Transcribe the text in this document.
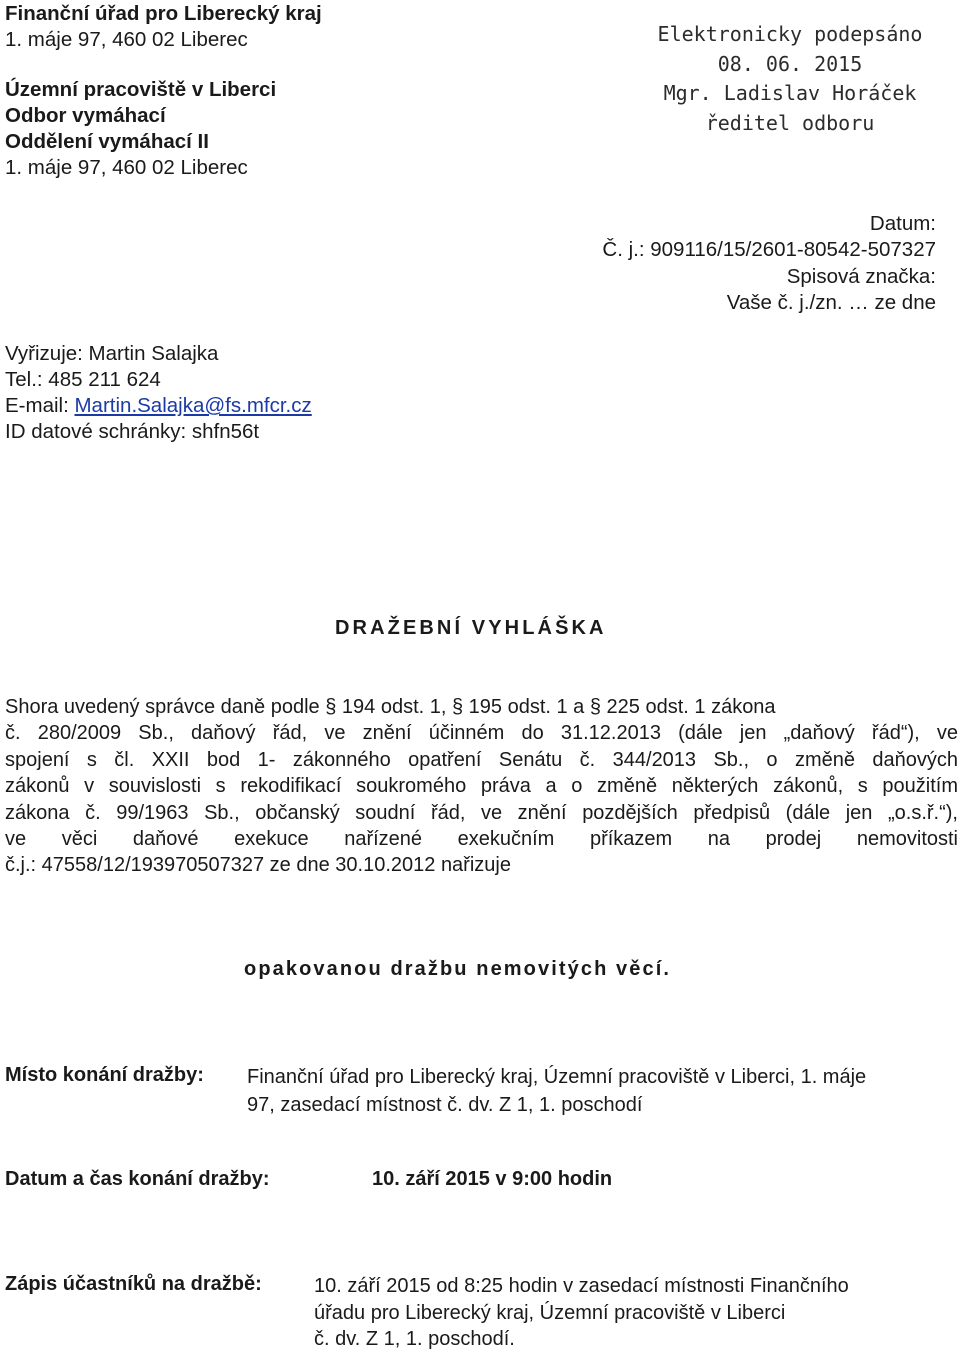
Finanční úřad pro Liberecký kraj
1. máje 97, 460 02 Liberec
Územní pracoviště v Liberci
Odbor vymáhací
Oddělení vymáhací II
1. máje 97, 460 02 Liberec
Elektronicky podepsáno
08. 06. 2015
Mgr. Ladislav Horáček
ředitel odboru
Datum:
Č. j.: 909116/15/2601-80542-507327
Spisová značka:
Vaše č. j./zn. … ze dne
Vyřizuje: Martin Salajka
Tel.: 485 211 624
E-mail: Martin.Salajka@fs.mfcr.cz
ID datové schránky: shfn56t
DRAŽEBNÍ VYHLÁŠKA
Shora uvedený správce daně podle § 194 odst. 1, § 195 odst. 1 a § 225 odst. 1 zákona
č. 280/2009 Sb., daňový řád, ve znění účinném do 31.12.2013 (dále jen „daňový řád“), ve
spojení s čl. XXII bod 1- zákonného opatření Senátu č. 344/2013 Sb., o změně daňových
zákonů v souvislosti s rekodifikací soukromého práva a o změně některých zákonů, s použitím
zákona č. 99/1963 Sb., občanský soudní řád, ve znění pozdějších předpisů (dále jen „o.s.ř.“),
ve věci daňové exekuce nařízené exekučním příkazem na prodej nemovitosti
č.j.: 47558/12/193970507327 ze dne 30.10.2012 nařizuje
opakovanou dražbu nemovitých věcí.
Místo konání dražby: Finanční úřad pro Liberecký kraj, Územní pracoviště v Liberci, 1. máje
97, zasedací místnost č. dv. Z 1, 1. poschodí
Datum a čas konání dražby:	10. září 2015 v 9:00 hodin
Zápis účastníků na dražbě:	10. září 2015 od 8:25 hodin v zasedací místnosti Finančního
úřadu pro Liberecký kraj, Územní pracoviště v Liberci
č. dv. Z 1, 1. poschodí.
